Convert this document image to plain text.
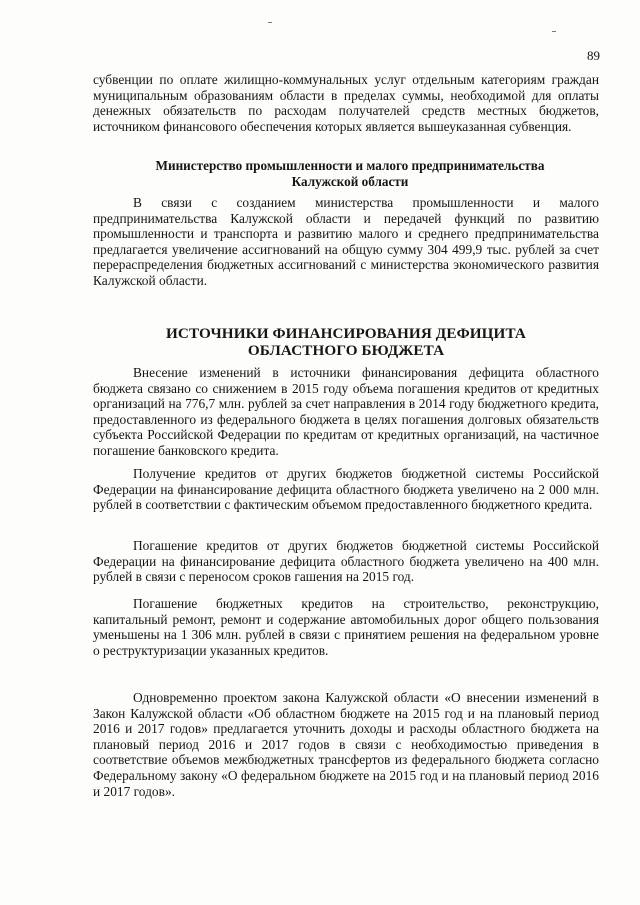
89

субвенции по оплате жилищно-коммунальных услуг отдельным категориям граждан муниципальным образованиям области в пределах суммы, необходимой для оплаты денежных обязательств по расходам получателей средств местных бюджетов, источником финансового обеспечения которых является вышеуказанная субвенция.

Министерство промышленности и малого предпринимательства Калужской области

В связи с созданием министерства промышленности и малого предпринимательства Калужской области и передачей функций по развитию промышленности и транспорта и развитию малого и среднего предпринимательства предлагается увеличение ассигнований на общую сумму 304 499,9 тыс. рублей за счет перераспределения бюджетных ассигнований с министерства экономического развития Калужской области.

ИСТОЧНИКИ ФИНАНСИРОВАНИЯ ДЕФИЦИТА ОБЛАСТНОГО БЮДЖЕТА

Внесение изменений в источники финансирования дефицита областного бюджета связано со снижением в 2015 году объема погашения кредитов от кредитных организаций на 776,7 млн. рублей за счет направления в 2014 году бюджетного кредита, предоставленного из федерального бюджета в целях погашения долговых обязательств субъекта Российской Федерации по кредитам от кредитных организаций, на частичное погашение банковского кредита.

Получение кредитов от других бюджетов бюджетной системы Российской Федерации на финансирование дефицита областного бюджета увеличено на 2 000 млн. рублей в соответствии с фактическим объемом предоставленного бюджетного кредита.

Погашение кредитов от других бюджетов бюджетной системы Российской Федерации на финансирование дефицита областного бюджета увеличено на 400 млн. рублей в связи с переносом сроков гашения на 2015 год.

Погашение бюджетных кредитов на строительство, реконструкцию, капитальный ремонт, ремонт и содержание автомобильных дорог общего пользования уменьшены на 1 306 млн. рублей в связи с принятием решения на федеральном уровне о реструктуризации указанных кредитов.

Одновременно проектом закона Калужской области «О внесении изменений в Закон Калужской области «Об областном бюджете на 2015 год и на плановый период 2016 и 2017 годов» предлагается уточнить доходы и расходы областного бюджета на плановый период 2016 и 2017 годов в связи с необходимостью приведения в соответствие объемов межбюджетных трансфертов из федерального бюджета согласно Федеральному закону «О федеральном бюджете на 2015 год и на плановый период 2016 и 2017 годов».
